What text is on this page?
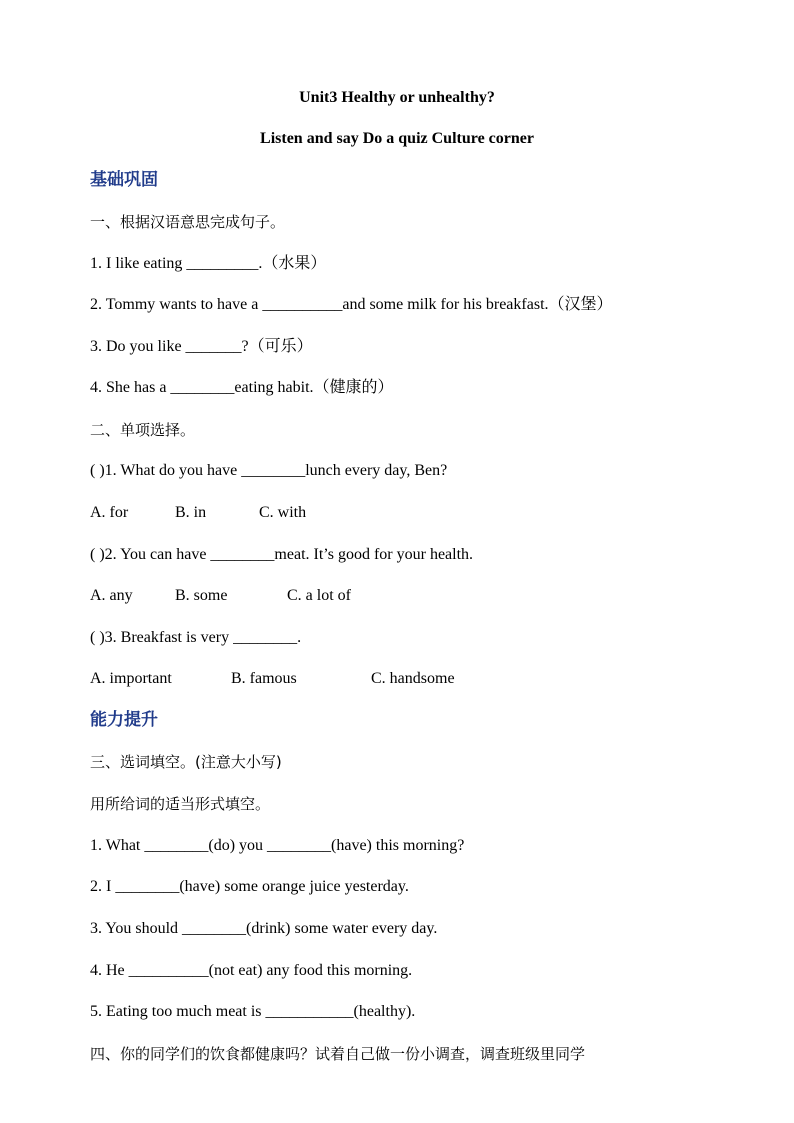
Unit3 Healthy or unhealthy?
Listen and say Do a quiz Culture corner
基础巩固
一、根据汉语意思完成句子。
1. I like eating _________.（水果）
2. Tommy wants to have a __________and some milk for his breakfast.（汉堡）
3. Do you like _______?（可乐）
4. She has a ________eating habit.（健康的）
二、单项选择。
( )1. What do you have ________lunch every day, Ben?
A. for	B. in	C. with
( )2. You can have ________meat. It’s good for your health.
A. any	B. some	C. a lot of
( )3. Breakfast is very ________.
A. important	B. famous	C. handsome
能力提升
三、选词填空。(注意大小写)
用所给词的适当形式填空。
1. What ________(do) you ________(have) this morning?
2. I ________(have) some orange juice yesterday.
3. You should ________(drink) some water every day.
4. He __________(not eat) any food this morning.
5. Eating too much meat is ___________(healthy).
四、你的同学们的饮食都健康吗？试着自己做一份小调查，调查班级里同学
